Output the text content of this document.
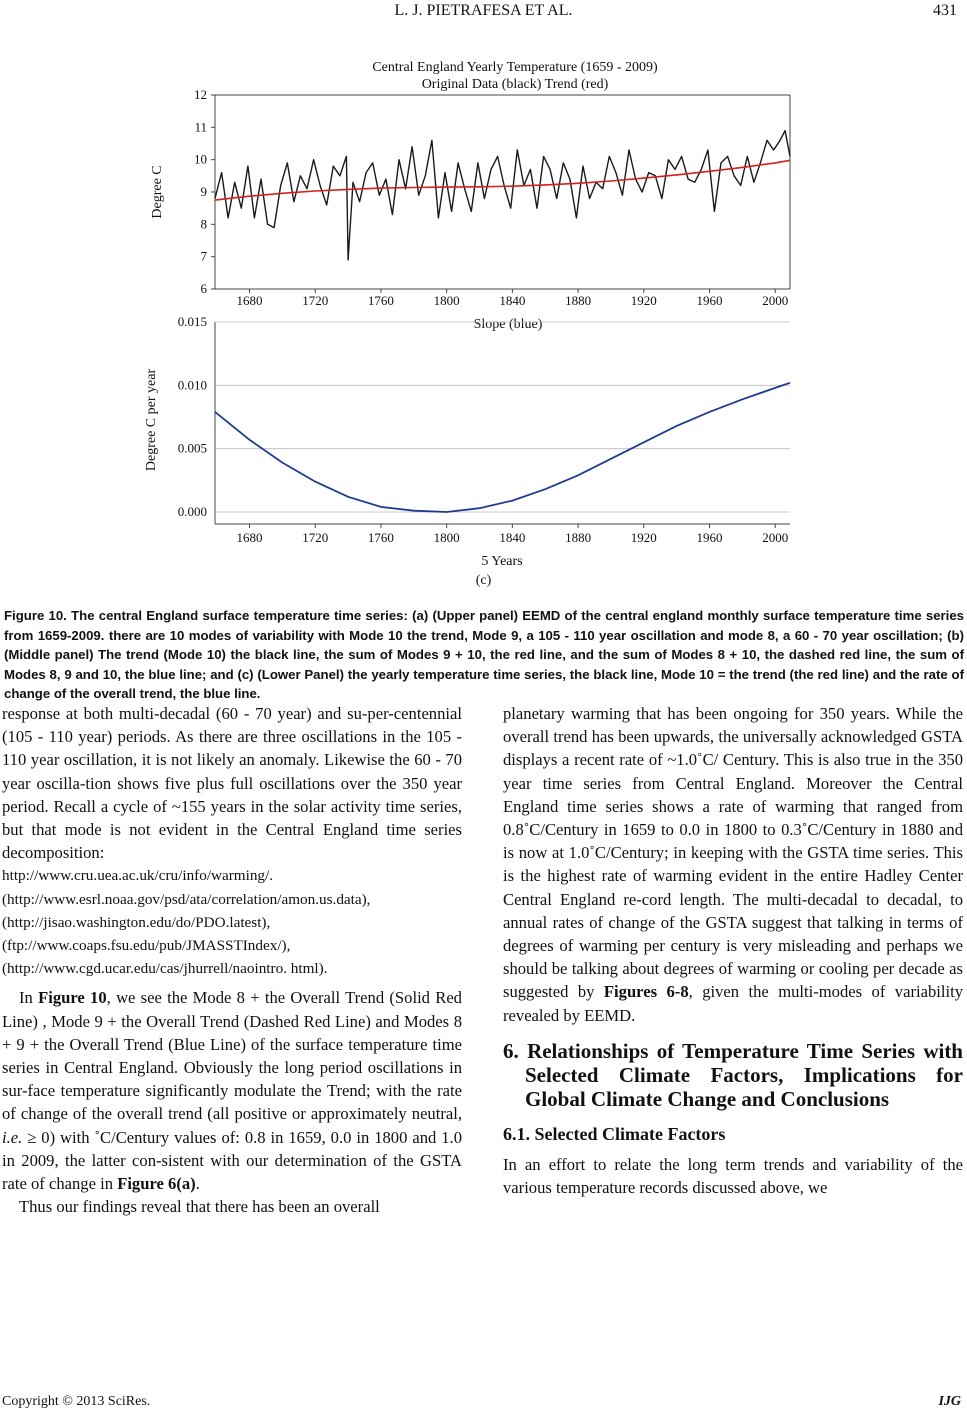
L. J. PIETRAFESA ET AL.	431
Central England Yearly Temperature (1659 - 2009)
Original Data (black) Trend (red)
Degree C
6
7
8
9
10
11
12
1680	1720	1760	1800	1840	1880	1920	1960	2000
Slope (blue)
Degree C per year
5 Years
0.000
0.005
0.010
0.015
1680	1720	1760	1800	1840	1880	1920	1960	2000
(c)
Figure 10. The central England surface temperature time series: (a) (Upper panel) EEMD of the central england monthly surface temperature time series from 1659-2009. there are 10 modes of variability with Mode 10 the trend, Mode 9, a 105 - 110 year oscillation and mode 8, a 60 - 70 year oscillation; (b) (Middle panel) The trend (Mode 10) the black line, the sum of Modes 9 + 10, the red line, and the sum of Modes 8 + 10, the dashed red line, the sum of Modes 8, 9 and 10, the blue line; and (c) (Lower Panel) the yearly temperature time series, the black line, Mode 10 = the trend (the red line) and the rate of change of the overall trend, the blue line.

response at both multi-decadal (60 - 70 year) and su-per-centennial (105 - 110 year) periods. As there are three oscillations in the 105 - 110 year oscillation, it is not likely an anomaly. Likewise the 60 - 70 year oscilla-tion shows five plus full oscillations over the 350 year period. Recall a cycle of ~155 years in the solar activity time series, but that mode is not evident in the Central England time series decomposition:

http://www.cru.uea.ac.uk/cru/info/warming/.

(http://www.esrl.noaa.gov/psd/ata/correlation/amon.us.data),

(http://jisao.washington.edu/do/PDO.latest),

(ftp://www.coaps.fsu.edu/pub/JMASSTIndex/),

(http://www.cgd.ucar.edu/cas/jhurrell/naointro. html).

In Figure 10, we see the Mode 8 + the Overall Trend (Solid Red Line) , Mode 9 + the Overall Trend (Dashed Red Line) and Modes 8 + 9 + the Overall Trend (Blue Line) of the surface temperature time series in Central England. Obviously the long period oscillations in sur-face temperature significantly modulate the Trend; with the rate of change of the overall trend (all positive or approximately neutral, i.e. ≥ 0) with ˚C/Century values of: 0.8 in 1659, 0.0 in 1800 and 1.0 in 2009, the latter con-sistent with our determination of the GSTA rate of change in Figure 6(a).

Thus our findings reveal that there has been an overall

planetary warming that has been ongoing for 350 years. While the overall trend has been upwards, the universally acknowledged GSTA displays a recent rate of ~1.0˚C/ Century. This is also true in the 350 year time series from Central England. Moreover the Central England time series shows a rate of warming that ranged from 0.8˚C/Century in 1659 to 0.0 in 1800 to 0.3˚C/Century in 1880 and is now at 1.0˚C/Century; in keeping with the GSTA time series. This is the highest rate of warming evident in the entire Hadley Center Central England re-cord length. The multi-decadal to decadal, to annual rates of change of the GSTA suggest that talking in terms of degrees of warming per century is very misleading and perhaps we should be talking about degrees of warming or cooling per decade as suggested by Figures 6-8, given the multi-modes of variability revealed by EEMD.

6. Relationships of Temperature Time Series with Selected Climate Factors, Implications for Global Climate Change and Conclusions
6.1. Selected Climate Factors

In an effort to relate the long term trends and variability of the various temperature records discussed above, we

Copyright © 2013 SciRes.	IJG
